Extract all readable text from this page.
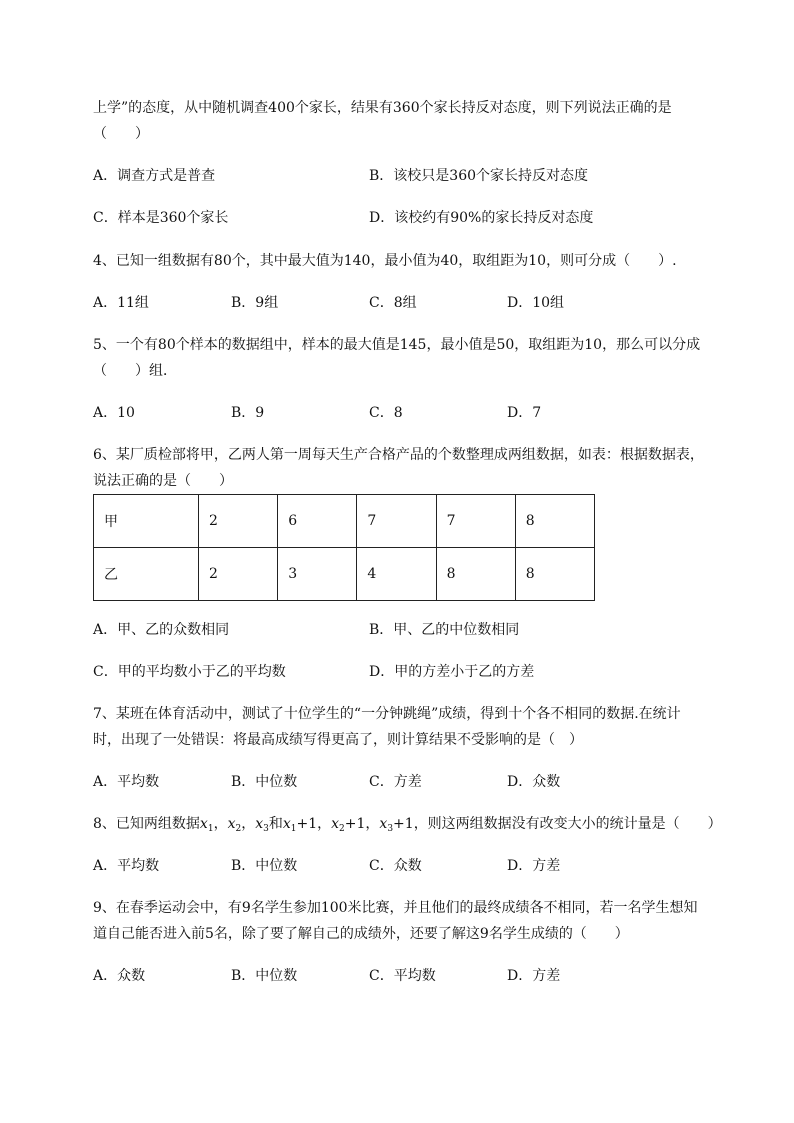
上学”的态度，从中随机调查400个家长，结果有360个家长持反对态度，则下列说法正确的是
（　　）
A．调查方式是普查	B．该校只是360个家长持反对态度
C．样本是360个家长	D．该校约有90%的家长持反对态度
4、已知一组数据有80个，其中最大值为140，最小值为40，取组距为10，则可分成（　　）.
A．11组	B．9组	C．8组	D．10组
5、一个有80个样本的数据组中，样本的最大值是145，最小值是50，取组距为10，那么可以分成
（　　）组．
A．10	B．9	C．8	D．7
6、某厂质检部将甲，乙两人第一周每天生产合格产品的个数整理成两组数据，如表：根据数据表，
说法正确的是（　　）
甲	2	6	7	7	8
乙	2	3	4	8	8
A．甲、乙的众数相同	B．甲、乙的中位数相同
C．甲的平均数小于乙的平均数	D．甲的方差小于乙的方差
7、某班在体育活动中，测试了十位学生的“一分钟跳绳”成绩，得到十个各不相同的数据.在统计
时，出现了一处错误：将最高成绩写得更高了，则计算结果不受影响的是（　）
A．平均数	B．中位数	C．方差	D．众数
8、已知两组数据$x_1$，$x_2$，$x_3$和$x_1+1$，$x_2+1$，$x_3+1$，则这两组数据没有改变大小的统计量是（　　）
A．平均数	B．中位数	C．众数	D．方差
9、在春季运动会中，有9名学生参加100米比赛，并且他们的最终成绩各不相同，若一名学生想知
道自己能否进入前5名，除了要了解自己的成绩外，还要了解这9名学生成绩的（　　）
A．众数	B．中位数	C．平均数	D．方差
